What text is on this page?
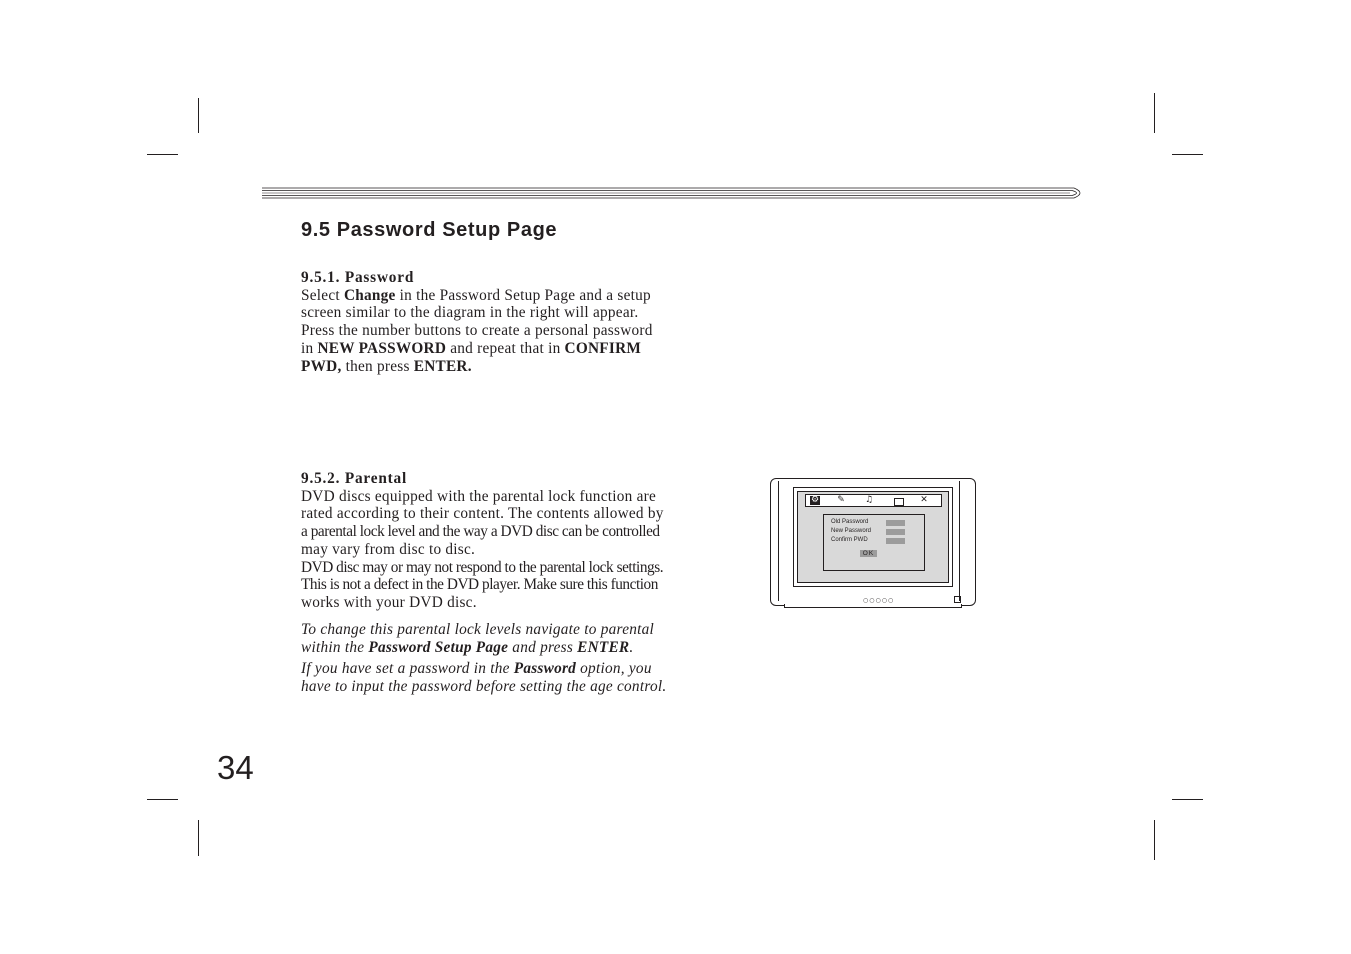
9.5 Password Setup Page

9.5.1. Password

Select Change in the Password Setup Page and a setup

screen similar to the diagram in the right will appear.

Press the number buttons to create a personal password

in NEW PASSWORD and repeat that in CONFIRM

PWD, then press ENTER.

9.5.2. Parental

DVD discs equipped with the parental lock function are

rated according to their content. The contents allowed by

a parental lock level and the way a DVD disc can be controlled

may vary from disc to disc.

DVD disc may or may not respond to the parental lock settings.

This is not a defect in the DVD player. Make sure this function

works with your DVD disc.

To change this parental lock levels navigate to parental

within the Password Setup Page and press ENTER.

If you have set a password in the Password option, you

have to input the password before setting the age control.

⚙ ✎ ♫	✕
Old Password
New Password
Confirm PWD
OK
○○○○○
34
